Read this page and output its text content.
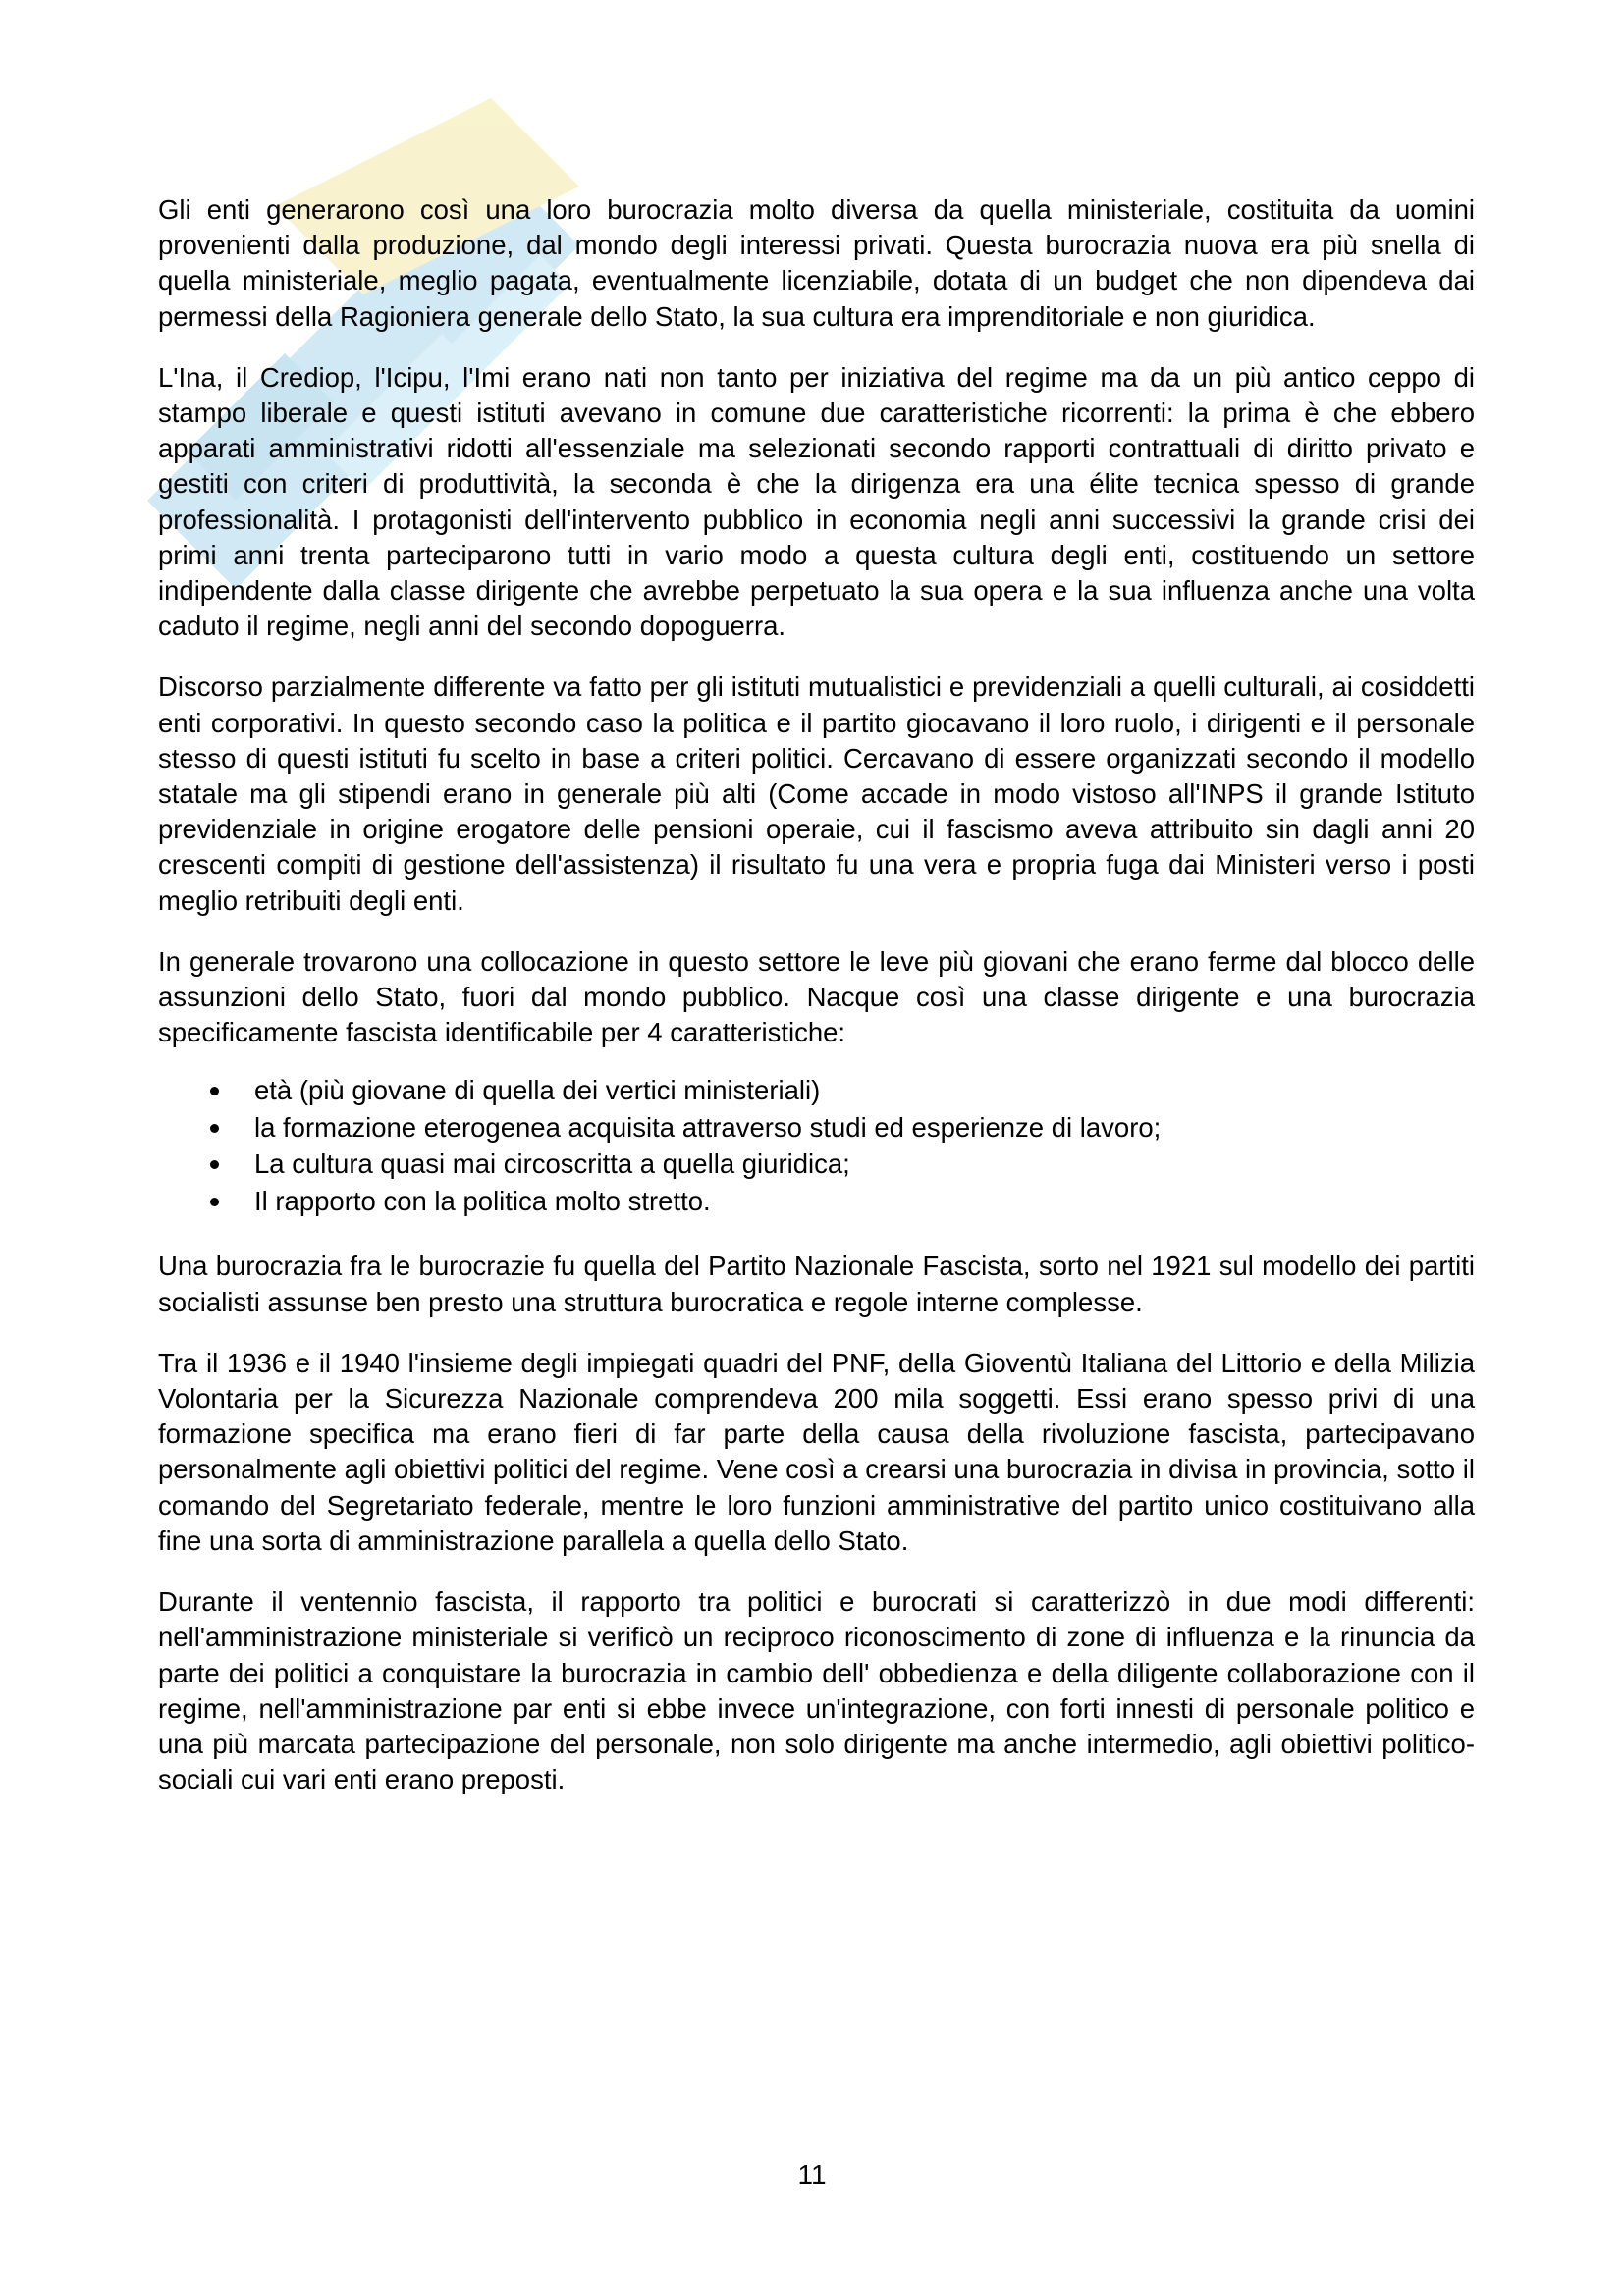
Gli enti generarono così una loro burocrazia molto diversa da quella ministeriale, costituita da uomini provenienti dalla produzione, dal mondo degli interessi privati. Questa burocrazia nuova era più snella di quella ministeriale, meglio pagata, eventualmente licenziabile, dotata di un budget che non dipendeva dai permessi della Ragioniera generale dello Stato, la sua cultura era imprenditoriale e non giuridica.

L'Ina, il Crediop, l'Icipu, l'Imi erano nati non tanto per iniziativa del regime ma da un più antico ceppo di stampo liberale e questi istituti avevano in comune due caratteristiche ricorrenti: la prima è che ebbero apparati amministrativi ridotti all'essenziale ma selezionati secondo rapporti contrattuali di diritto privato e gestiti con criteri di produttività, la seconda è che la dirigenza era una élite tecnica spesso di grande professionalità. I protagonisti dell'intervento pubblico in economia negli anni successivi la grande crisi dei primi anni trenta parteciparono tutti in vario modo a questa cultura degli enti, costituendo un settore indipendente dalla classe dirigente che avrebbe perpetuato la sua opera e la sua influenza anche una volta caduto il regime, negli anni del secondo dopoguerra.

Discorso parzialmente differente va fatto per gli istituti mutualistici e previdenziali a quelli culturali, ai cosiddetti enti corporativi. In questo secondo caso la politica e il partito giocavano il loro ruolo, i dirigenti e il personale stesso di questi istituti fu scelto in base a criteri politici. Cercavano di essere organizzati secondo il modello statale ma gli stipendi erano in generale più alti (Come accade in modo vistoso all'INPS il grande Istituto previdenziale in origine erogatore delle pensioni operaie, cui il fascismo aveva attribuito sin dagli anni 20 crescenti compiti di gestione dell'assistenza) il risultato fu una vera e propria fuga dai Ministeri verso i posti meglio retribuiti degli enti.

In generale trovarono una collocazione in questo settore le leve più giovani che erano ferme dal blocco delle assunzioni dello Stato, fuori dal mondo pubblico. Nacque così una classe dirigente e una burocrazia specificamente fascista identificabile per 4 caratteristiche:

età (più giovane di quella dei vertici ministeriali)
la formazione eterogenea acquisita attraverso studi ed esperienze di lavoro;
La cultura quasi mai circoscritta a quella giuridica;
Il rapporto con la politica molto stretto.

Una burocrazia fra le burocrazie fu quella del Partito Nazionale Fascista, sorto nel 1921 sul modello dei partiti socialisti assunse ben presto una struttura burocratica e regole interne complesse.

Tra il 1936 e il 1940 l'insieme degli impiegati quadri del PNF, della Gioventù Italiana del Littorio e della Milizia Volontaria per la Sicurezza Nazionale comprendeva 200 mila soggetti. Essi erano spesso privi di una formazione specifica ma erano fieri di far parte della causa della rivoluzione fascista, partecipavano personalmente agli obiettivi politici del regime. Vene così a crearsi una burocrazia in divisa in provincia, sotto il comando del Segretariato federale, mentre le loro funzioni amministrative del partito unico costituivano alla fine una sorta di amministrazione parallela a quella dello Stato.

Durante il ventennio fascista, il rapporto tra politici e burocrati si caratterizzò in due modi differenti: nell'amministrazione ministeriale si verificò un reciproco riconoscimento di zone di influenza e la rinuncia da parte dei politici a conquistare la burocrazia in cambio dell' obbedienza e della diligente collaborazione con il regime, nell'amministrazione par enti si ebbe invece un'integrazione, con forti innesti di personale politico e una più marcata partecipazione del personale, non solo dirigente ma anche intermedio, agli obiettivi politico-sociali cui vari enti erano preposti.

11
